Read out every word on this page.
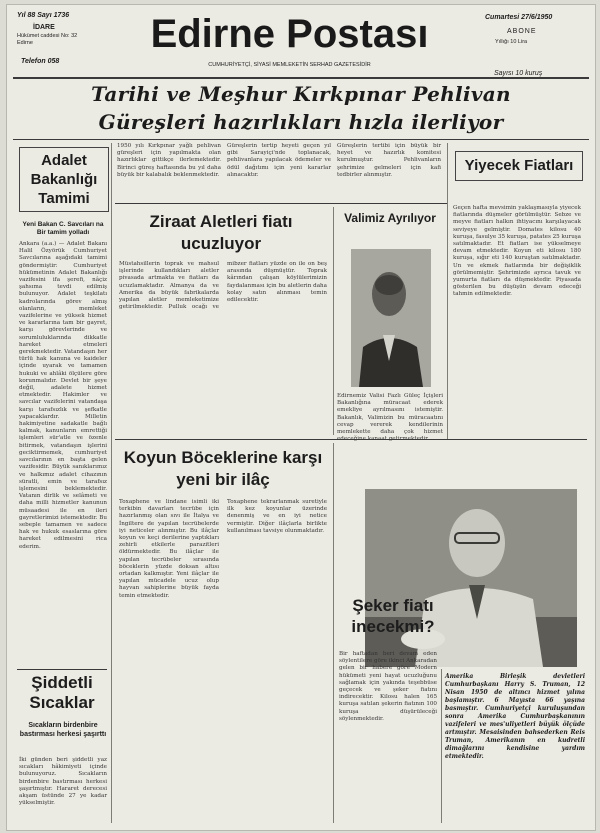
Yıl 88 Sayı 1736
İDARE
Hükümet caddesi No: 32 Edirne
Telefon 058
Edirne Postası
CUMHURİYETÇİ, SİYASİ MEMLEKETİN SERHAD GAZETESİDİR
Cumartesi 27/6/1950
ABONE
Yıllığı 10 Lira
Sayısı 10 kuruş
Tarihi ve Meşhur Kırkpınar Pehlivan
Güreşleri hazırlıkları hızla ilerliyor
Adalet Bakanlığı Tamimi
Yeni Bakan C. Savcıları na Bir tamim yolladı
Ankara (a.a.) — Adalet Bakanı Halil Özyörük Cumhuriyet Savcılarına aşağıdaki tamimi göndermiştir: Cumhuriyet hükümetinin Adalet Bakanlığı vazifesini ifa şerefi, nâçiz şahsıma tevdi edilmiş bulunuyor. Adalet teşkilatı kadrolarında görev almış olanların, memleket vazifelerine ve yüksek hizmet ve kararlarına tam bir gayret, karşı görevlerinde ve sorumluluklarında dikkatle hareket etmeleri gerekmektedir. Vatandaşın her türlü hak kanuna ve kaideler içinde uyarak ve tamamen hukuki ve ahlâki ölçülere göre korunmalıdır. Devlet bir şeye değil, adalete hizmet etmektedir. Hakimler ve savcılar vazifelerini vatandaşa karşı tarafsızlık ve şefkatle yapacaklardır. Milletin hakimiyetine sadakatle bağlı kalmak, kanunların emrettiği işlemleri sür'atle ve özenle bitirmek, vatandaşın işlerini geciktirmemek, cumhuriyet savcılarının en başta gelen vazifesidir. Büyük sanıklarımız ve halkımız adalet cihazının süratli, emin ve tarafsız işlemesini beklemektedir. Vatanın dirlik ve selâmeti ve daha milli hizmetler kanunun müsaadesi ile en ileri gayretlerimizi istemektedir. Bu sebeple tamamen ve sadece hak ve hukuk esaslarına göre hareket edilmesini rica ederim.
Şiddetli Sıcaklar
Sıcakların birdenbire bastırması herkesi şaşırttı
İki günden beri şiddetli yaz sıcakları hâkimiyeti içinde bulunuyoruz. Sıcakların birdenbire bastırması herkesi şaşırtmıştır. Hararet derecesi akşam üstünde 27 ye kadar yükselmiştir.
1950 yılı Kırkpınar yağlı pehlivan güreşleri için yapılmakta olan hazırlıklar gittikçe ilerlemektedir. Birinci güreş haftasında bu yıl daha büyük bir kalabalık beklenmektedir.
Güreşlerin tertip heyeti geçen yıl gibi Sarayiçi'nde toplanacak, pehlivanlara yapılacak ödemeler ve ödül dağıtımı için yeni kararlar alınacaktır.
Güreşlerin tertibi için büyük bir heyet ve hazırlık komitesi kurulmuştur. Pehlivanların şehrimize gelmeleri için kafi tedbirler alınmıştır.
Ziraat Aletleri fiatı ucuzluyor
Müstahsillerin toprak ve mahsul işlerinde kullandıkları aletler pivasada artmakta ve fiatları da ucuzlamaktadır. Almanya da ve Amerika da büyük fabrikalarda yapılan aletler memleketimize getirilmektedir. Pulluk ocağı ve mibzer fiatları yüzde on ile on beş arasında düşmüştür. Toprak kârından çalışan köylülerimizin faydalanması için bu aletlerin daha kolay satın alınması temin edilecektir.
Valimiz Ayrılıyor
Edirnemiz Valisi Fazlı Güleç İçişleri Bakanlığına müracaat ederek emekliye ayrılmasını istemiştir. Bakanlık, Valimizin bu müracaatını cevap vererek kendilerinin memlekette daha çok hizmet
Yiyecek Fiatları
Geçen hafta mevsimin yaklaşmasıyla yiyecek fiatlarında düşmeler görülmüştür. Sebze ve meyve fiatları halkın ihtiyacını karşılayacak seviyeye gelmiştir. Domates kilosu 40 kuruşa, fasulye 35 kuruşa, patates 25 kuruşa satılmaktadır. Et fiatları ise yükselmeye devam etmektedir. Koyun eti kilosu 180 kuruşa, sığır eti 140 kuruştan satılmaktadır. Un ve ekmek fiatlarında bir değişiklik görülmemiştir. Şehrimizde ayrıca tavuk ve yumurta fiatları da düşmektedir. Piyasada gösterilen bu düşüşün devam edeceği tahmin edilmektedir.
Koyun Böceklerine karşı yeni bir ilâç
Toxaphene ve lindane isimli iki terkibin davarları tecrübe için hazırlanmış olan sıvı ile İtalya ve İngiltere de yapılan tecrübelerde iyi neticeler alınmıştır. Bu ilâçlar koyun ve keçi derilerine yaptıkları zehirli etkilerle parazitleri öldürmektedir. Bu ilâçlar ile yapılan tecrübeler sırasında böceklerin yüzde doksan altısı ortadan kalkmıştır. Yeni ilâçlar ile yapılan mücadele ucuz olup hayvan sahiplerine büyük fayda temin etmektedir.
Toxaphene tekrarlanmak suretiyle ilk kez koyunlar üzerinde denenmiş ve en iyi netice vermiştir. Diğer ilâçlarla birlikte kullanılması tavsiye olunmaktadır.
Şeker fiatı inecekmi?
Bir haftadan beri devam eden söylentilere göre ikinci Ankaradan gelen bir habere göre Modern hükümeti yeni hayat ucuzluğunu sağlamak için yakında teşebbüse geçecek ve şeker fiatını indirecektir. Kilosu halen 165 kuruşa satılan şekerin fiatının 100 kuruşa düşürüleceği söylenmektedir.
Amerika Birleşik devletleri Cumhurbaşkanı Harry S. Truman, 12 Nisan 1950 de altıncı hizmet yılına başlamıştır. 6 Mayısta 66 yaşına basmıştır. Cumhuriyetçi kuruluşundan sonra Amerika Cumhurbaşkanının vazifeleri ve mes'uliyetleri büyük ölçüde artmıştır. Mesaisinden bahsederken Reis Truman, Amerikanın en kudretli dimağlarını kendisine yardım etmektedir.
